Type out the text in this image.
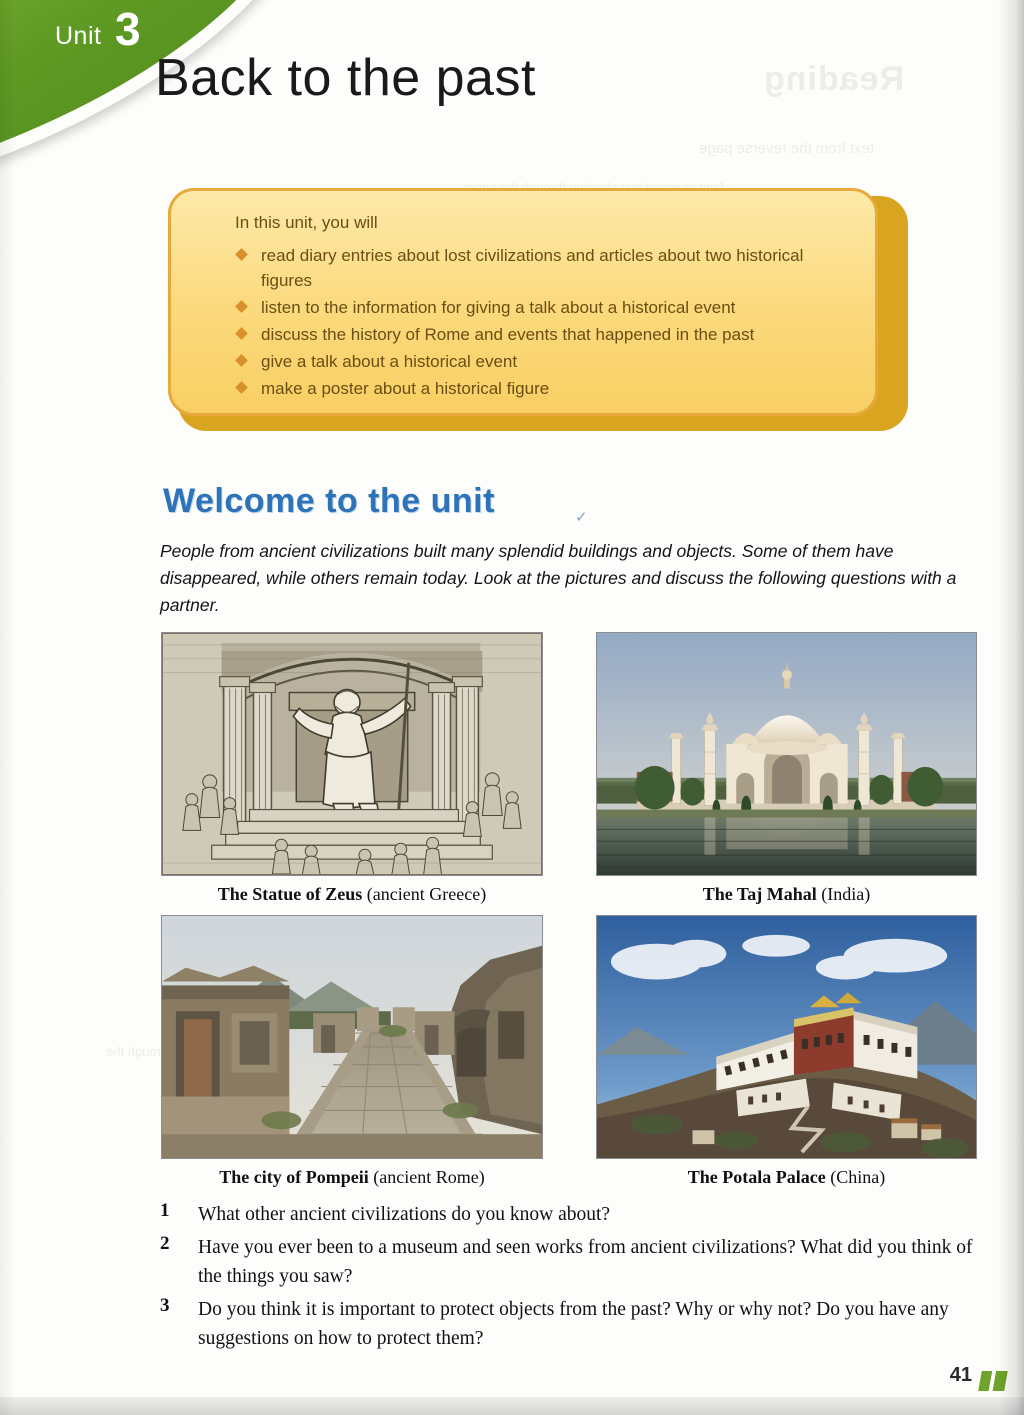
Reading
text from the reverse page
through the
Unit 3
Back to the past
In this unit, you will
read diary entries about lost civilizations and articles about two historical figures
listen to the information for giving a talk about a historical event
discuss the history of Rome and events that happened in the past
give a talk about a historical event
make a poster about a historical figure
Welcome to the unit	✓
People from ancient civilizations built many splendid buildings and objects. Some of them have disappeared, while others remain today. Look at the pictures and discuss the following questions with a partner.
The Statue of Zeus (ancient Greece)	The Taj Mahal (India)
The city of Pompeii (ancient Rome)	The Potala Palace (China)
1	What other ancient civilizations do you know about?
2	Have you ever been to a museum and seen works from ancient civilizations? What did you think of the things you saw?
3	Do you think it is important to protect objects from the past? Why or why not? Do you have any suggestions on how to protect them?
41
